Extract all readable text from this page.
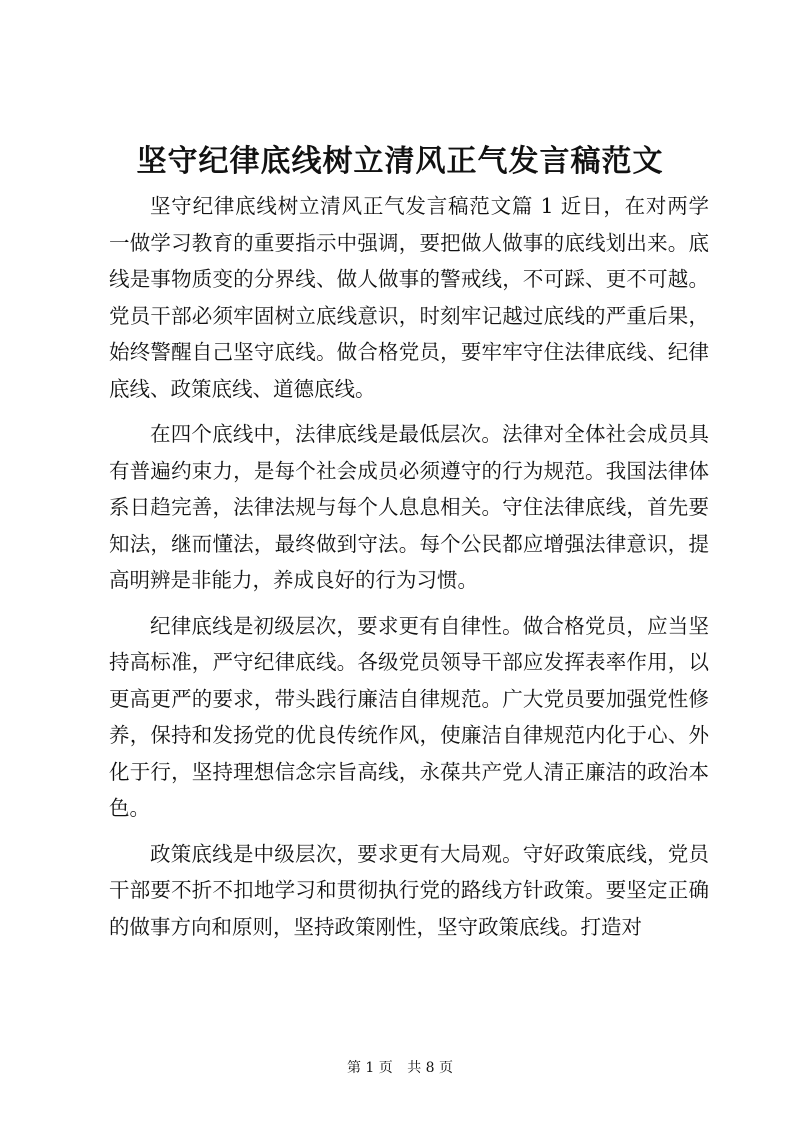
坚守纪律底线树立清风正气发言稿范文

坚守纪律底线树立清风正气发言稿范文篇 1 近日，在对两学一做学习教育的重要指示中强调，要把做人做事的底线划出来。底线是事物质变的分界线、做人做事的警戒线，不可踩、更不可越。党员干部必须牢固树立底线意识，时刻牢记越过底线的严重后果，始终警醒自己坚守底线。做合格党员，要牢牢守住法律底线、纪律底线、政策底线、道德底线。

在四个底线中，法律底线是最低层次。法律对全体社会成员具有普遍约束力，是每个社会成员必须遵守的行为规范。我国法律体系日趋完善，法律法规与每个人息息相关。守住法律底线，首先要知法，继而懂法，最终做到守法。每个公民都应增强法律意识，提高明辨是非能力，养成良好的行为习惯。

纪律底线是初级层次，要求更有自律性。做合格党员，应当坚持高标准，严守纪律底线。各级党员领导干部应发挥表率作用，以更高更严的要求，带头践行廉洁自律规范。广大党员要加强党性修养，保持和发扬党的优良传统作风，使廉洁自律规范内化于心、外化于行，坚持理想信念宗旨高线，永葆共产党人清正廉洁的政治本色。

政策底线是中级层次，要求更有大局观。守好政策底线，党员干部要不折不扣地学习和贯彻执行党的路线方针政策。要坚定正确的做事方向和原则，坚持政策刚性，坚守政策底线。打造对

第 1 页 共 8 页
